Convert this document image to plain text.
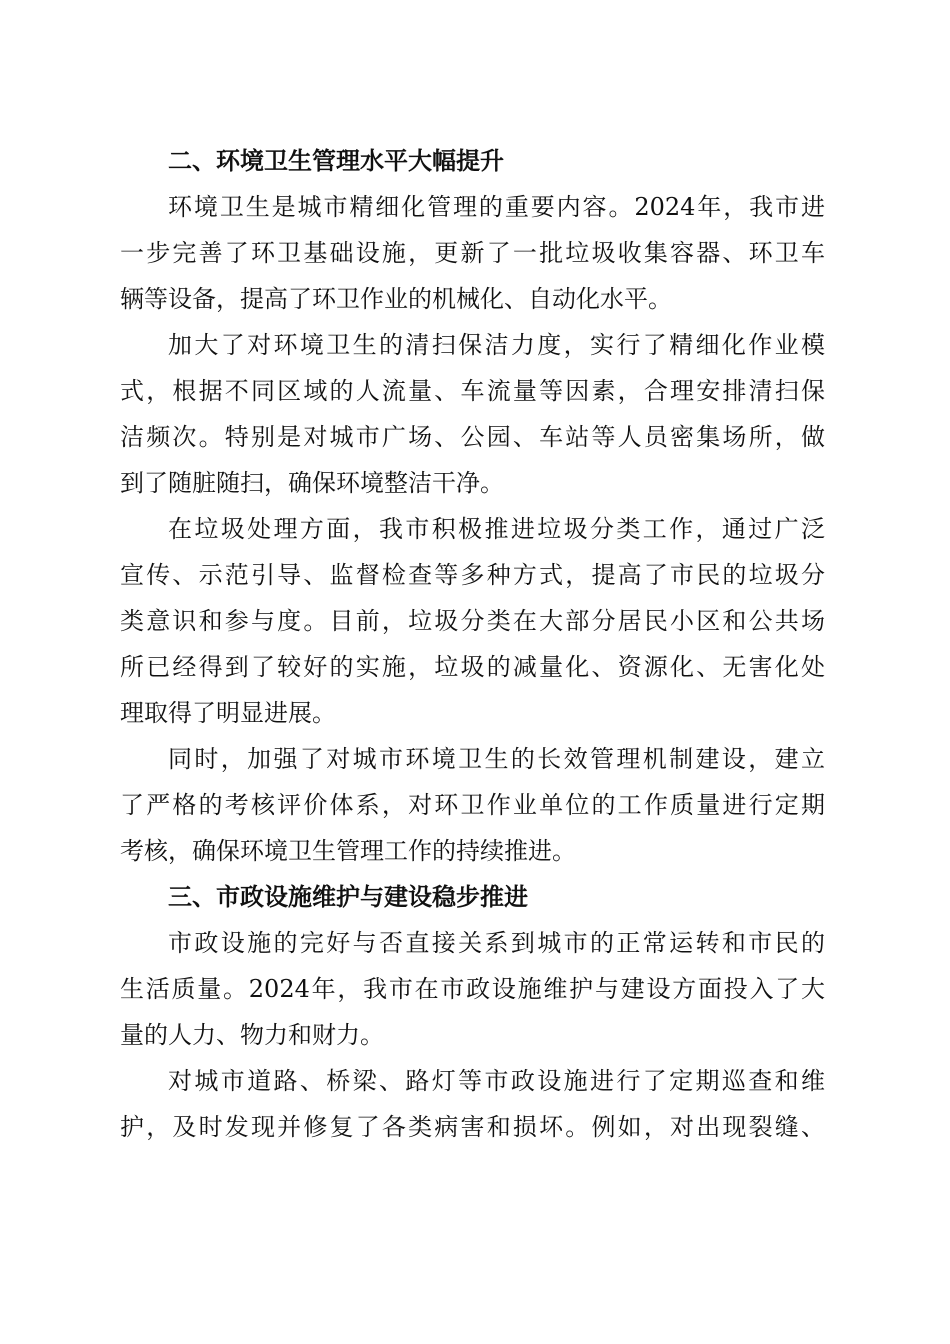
二、环境卫生管理水平大幅提升
环境卫生是城市精细化管理的重要内容。2024年，我市进
一步完善了环卫基础设施，更新了一批垃圾收集容器、环卫车
辆等设备，提高了环卫作业的机械化、自动化水平。
加大了对环境卫生的清扫保洁力度，实行了精细化作业模
式，根据不同区域的人流量、车流量等因素，合理安排清扫保
洁频次。特别是对城市广场、公园、车站等人员密集场所，做
到了随脏随扫，确保环境整洁干净。
在垃圾处理方面，我市积极推进垃圾分类工作，通过广泛
宣传、示范引导、监督检查等多种方式，提高了市民的垃圾分
类意识和参与度。目前，垃圾分类在大部分居民小区和公共场
所已经得到了较好的实施，垃圾的减量化、资源化、无害化处
理取得了明显进展。
同时，加强了对城市环境卫生的长效管理机制建设，建立
了严格的考核评价体系，对环卫作业单位的工作质量进行定期
考核，确保环境卫生管理工作的持续推进。
三、市政设施维护与建设稳步推进
市政设施的完好与否直接关系到城市的正常运转和市民的
生活质量。2024年，我市在市政设施维护与建设方面投入了大
量的人力、物力和财力。
对城市道路、桥梁、路灯等市政设施进行了定期巡查和维
护，及时发现并修复了各类病害和损坏。例如，对出现裂缝、
